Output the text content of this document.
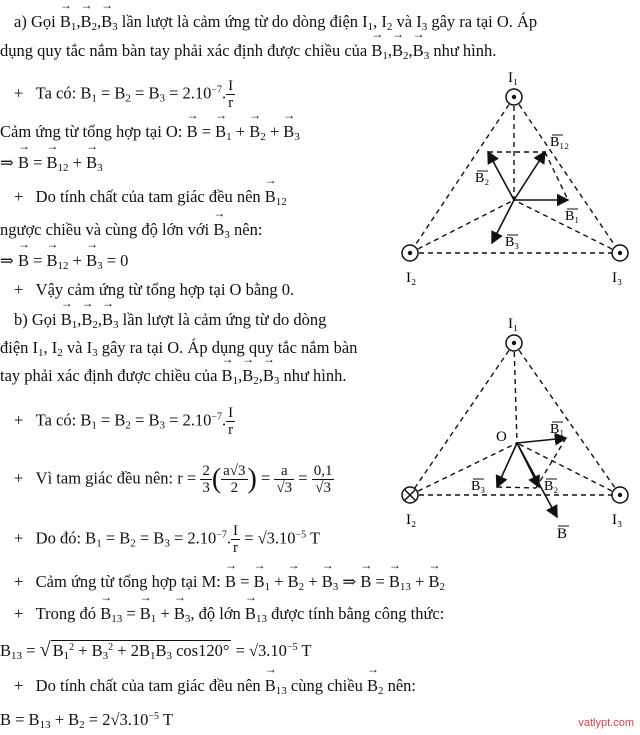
a) Gọi → $B_1,\to B_2,\to B_3$ lần lượt là cảm ứng từ do dòng điện $I_1$, $I_2$ và $I_3$ gây ra tại O. Áp
dụng quy tắc nắm bàn tay phải xác định được chiều của → $B_1,\to B_2,\to B_3$ như hình.
+   Ta có: $B_1 = B_2 = B_3 = 2.10^{-7}$. $\frac{I}{r}$
Cảm ứng từ tổng hợp tại O: → B = → $B_1$ + → $B_2$ + → $B_3$
⇒ → B = → $B_{12}$ + → $B_3$
+   Do tính chất của tam giác đều nên → $B_{12}$
ngược chiều và cùng độ lớn với → $B_3$ nên:
⇒ → B = → $B_{12}$ + → $B_3 = 0$
+   Vậy cảm ứng từ tổng hợp tại O bằng 0.
b) Gọi → $B_1,\to B_2,\to B_3$ lần lượt là cảm ứng từ do dòng
điện $I_1$, $I_2$ và $I_3$ gây ra tại O. Áp dụng quy tắc nắm bàn
tay phải xác định được chiều của → $B_1,\to B_2,\to B_3$ như hình.
+   Ta có: $B_1 = B_2 = B_3 = 2.10^{-7}$. $\frac{I}{r}$
+   Vì tam giác đều nên: $r = \frac{2}{3}$ ( $\frac{a√3}{2}$ ) = $\frac{a}{√3} = \frac{0,1}{√3}$
+   Do đó: $B_1 = B_2 = B_3 = 2.10^{-7}$. $\frac{I}{r} = √3.10^{-5}$ T
+   Cảm ứng từ tổng hợp tại M: → B = → $B_1$ + → $B_2$ + → $B_3$ ⇒ → B = → $B_{13}$ + → $B_2$
+   Trong đó → $B_{13}$ = → $B_1$ + → $B_3$, độ lớn → $B_{13}$ được tính bằng công thức:
$B_{13}$ = √ $B_1^2 + B_3^2 + 2B_1B_3$ $\cos 120^\circ = √3.10^{-5}$ T
+   Do tính chất của tam giác đều nên → $B_{13}$ cùng chiều → $B_2$ nên:
$B = B_{13} + B_2 = 2√3.10^{-5}$ T
I₁
I₂	I₃
B₁₂
B₂
B₁
B₃
I₁
I₂	I₃
O	B₁
B₃	B₂
B
vatlypt.com
